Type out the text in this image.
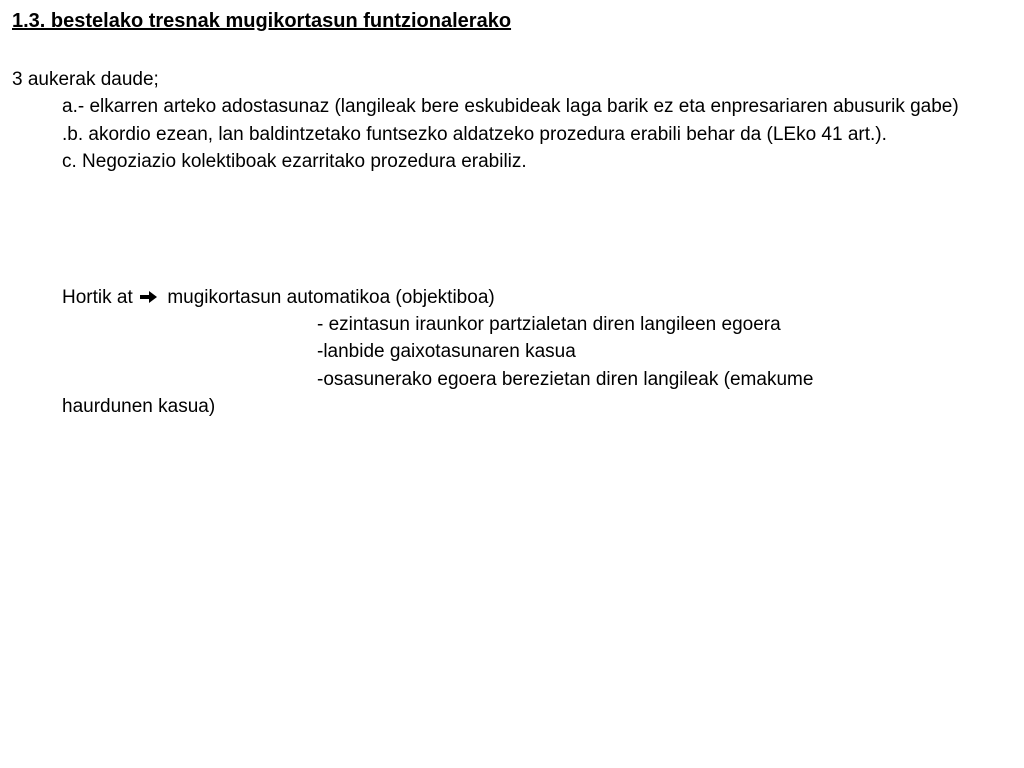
1.3. bestelako tresnak mugikortasun funtzionalerako
3 aukerak daude;

a.- elkarren arteko adostasunaz (langileak bere eskubideak laga barik ez eta enpresariaren abusurik gabe)

.b. akordio ezean, lan baldintzetako funtsezko aldatzeko prozedura erabili behar da (LEko 41 art.).

c. Negoziazio kolektiboak ezarritako prozedura erabiliz.

Hortik at mugikortasun automatikoa (objektiboa)
- ezintasun iraunkor partzialetan diren langileen egoera
-lanbide gaixotasunaren kasua
-osasunerako egoera berezietan diren langileak (emakume
haurdunen kasua)
